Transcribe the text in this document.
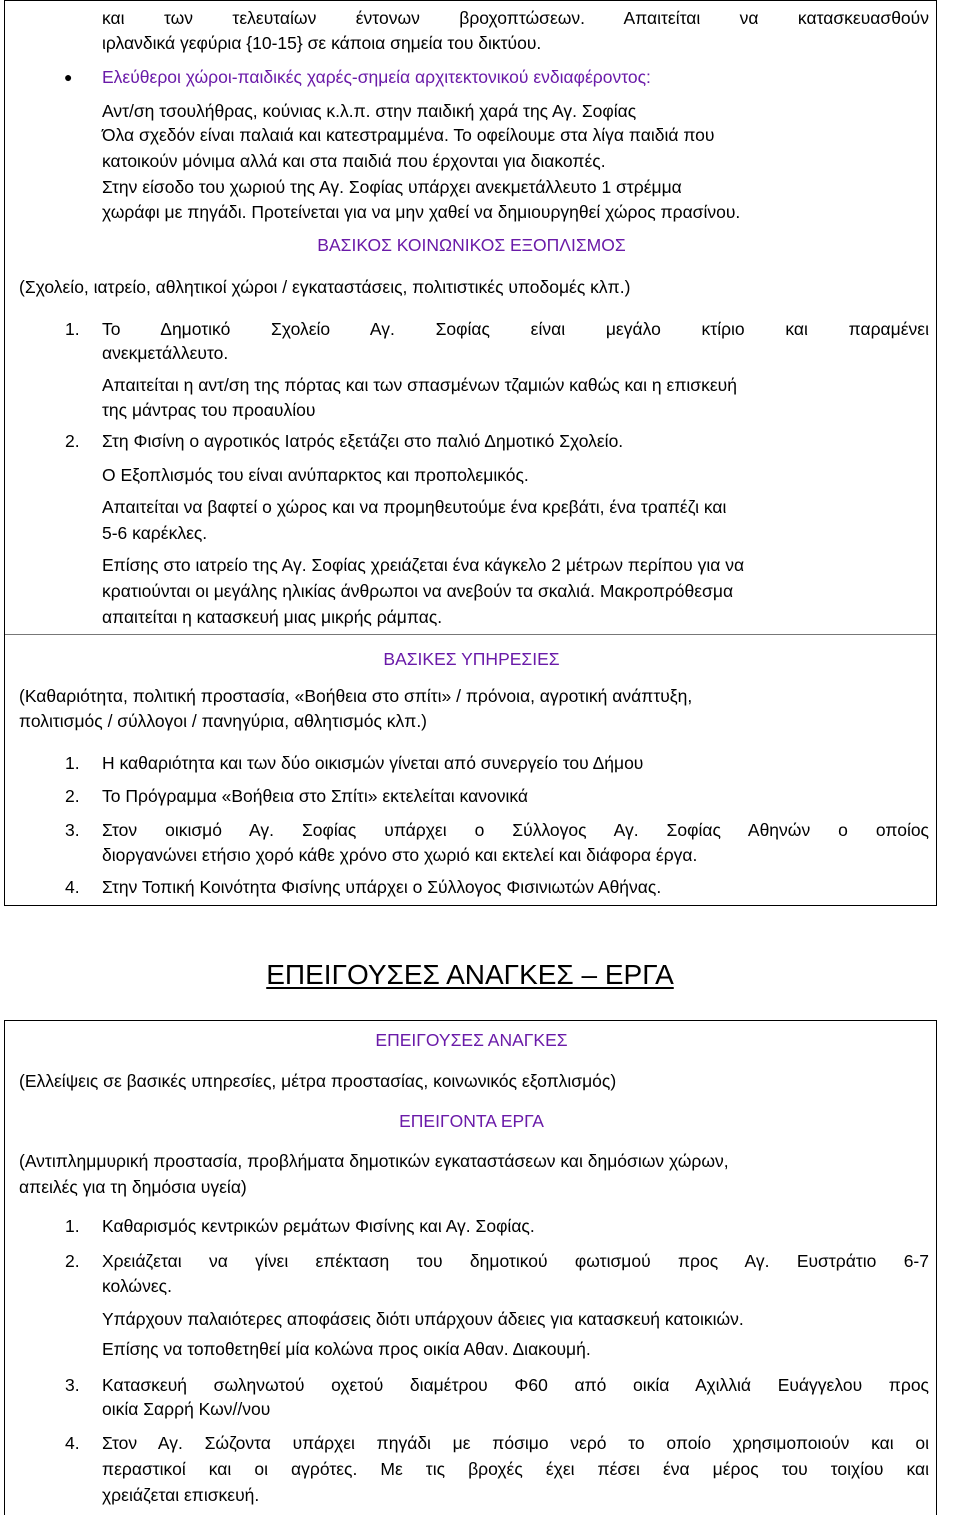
και των τελευταίων έντονων βροχοπτώσεων. Απαιτείται να κατασκευασθούν
ιρλανδικά γεφύρια {10-15} σε κάποια σημεία του δικτύου.
● Ελεύθεροι χώροι-παιδικές χαρές-σημεία αρχιτεκτονικού ενδιαφέροντος:
Αντ/ση τσουλήθρας, κούνιας κ.λ.π. στην παιδική χαρά της Αγ. Σοφίας
Όλα σχεδόν είναι παλαιά και κατεστραμμένα. Το οφείλουμε στα λίγα παιδιά που
κατοικούν μόνιμα αλλά και στα παιδιά που έρχονται για διακοπές.
Στην είσοδο του χωριού της Αγ. Σοφίας υπάρχει ανεκμετάλλευτο 1 στρέμμα
χωράφι με πηγάδι. Προτείνεται για να μην χαθεί να δημιουργηθεί χώρος πρασίνου.
ΒΑΣΙΚΟΣ ΚΟΙΝΩΝΙΚΟΣ ΕΞΟΠΛΙΣΜΟΣ
(Σχολείο, ιατρείο, αθλητικοί χώροι / εγκαταστάσεις, πολιτιστικές υποδομές κλπ.)
1. Το Δημοτικό Σχολείο Αγ. Σοφίας είναι μεγάλο κτίριο και παραμένει
ανεκμετάλλευτο.
Απαιτείται η αντ/ση της πόρτας και των σπασμένων τζαμιών καθώς και η επισκευή
της μάντρας του προαυλίου
2. Στη Φισίνη ο αγροτικός Ιατρός εξετάζει στο παλιό Δημοτικό Σχολείο.
Ο Εξοπλισμός του είναι ανύπαρκτος και προπολεμικός.
Απαιτείται να βαφτεί ο χώρος και να προμηθευτούμε ένα κρεβάτι, ένα τραπέζι και
5-6 καρέκλες.
Επίσης στο ιατρείο της Αγ. Σοφίας χρειάζεται ένα κάγκελο 2 μέτρων περίπου για να
κρατιούνται οι μεγάλης ηλικίας άνθρωποι να ανεβούν τα σκαλιά. Μακροπρόθεσμα
απαιτείται η κατασκευή μιας μικρής ράμπας.
ΒΑΣΙΚΕΣ ΥΠΗΡΕΣΙΕΣ
(Καθαριότητα, πολιτική προστασία, «Βοήθεια στο σπίτι» / πρόνοια, αγροτική ανάπτυξη,
πολιτισμός / σύλλογοι / πανηγύρια, αθλητισμός κλπ.)
1. Η καθαριότητα και των δύο οικισμών γίνεται από συνεργείο του Δήμου
2. Το Πρόγραμμα «Βοήθεια στο Σπίτι» εκτελείται κανονικά
3. Στον οικισμό Αγ. Σοφίας υπάρχει ο Σύλλογος Αγ. Σοφίας Αθηνών ο οποίος
διοργανώνει ετήσιο χορό κάθε χρόνο στο χωριό και εκτελεί και διάφορα έργα.
4. Στην Τοπική Κοινότητα Φισίνης υπάρχει ο Σύλλογος Φισινιωτών Αθήνας.
ΕΠΕΙΓΟΥΣΕΣ ΑΝΑΓΚΕΣ – ΕΡΓΑ
ΕΠΕΙΓΟΥΣΕΣ ΑΝΑΓΚΕΣ
(Ελλείψεις σε βασικές υπηρεσίες, μέτρα προστασίας, κοινωνικός εξοπλισμός)
ΕΠΕΙΓΟΝΤΑ ΕΡΓΑ
(Αντιπλημμυρική προστασία, προβλήματα δημοτικών εγκαταστάσεων και δημόσιων χώρων,
απειλές για τη δημόσια υγεία)
1. Καθαρισμός κεντρικών ρεμάτων Φισίνης και Αγ. Σοφίας.
2. Χρειάζεται να γίνει επέκταση του δημοτικού φωτισμού προς Αγ. Ευστράτιο 6-7
κολώνες.
Υπάρχουν παλαιότερες αποφάσεις διότι υπάρχουν άδειες για κατασκευή κατοικιών.
Επίσης να τοποθετηθεί μία κολώνα προς οικία Αθαν. Διακουμή.
3. Κατασκευή σωληνωτού οχετού διαμέτρου Φ60 από οικία Αχιλλιά Ευάγγελου προς
οικία Σαρρή Κων//νου
4. Στον Αγ. Σώζοντα υπάρχει πηγάδι με πόσιμο νερό το οποίο χρησιμοποιούν και οι
περαστικοί και οι αγρότες. Με τις βροχές έχει πέσει ένα μέρος του τοιχίου και
χρειάζεται επισκευή.
